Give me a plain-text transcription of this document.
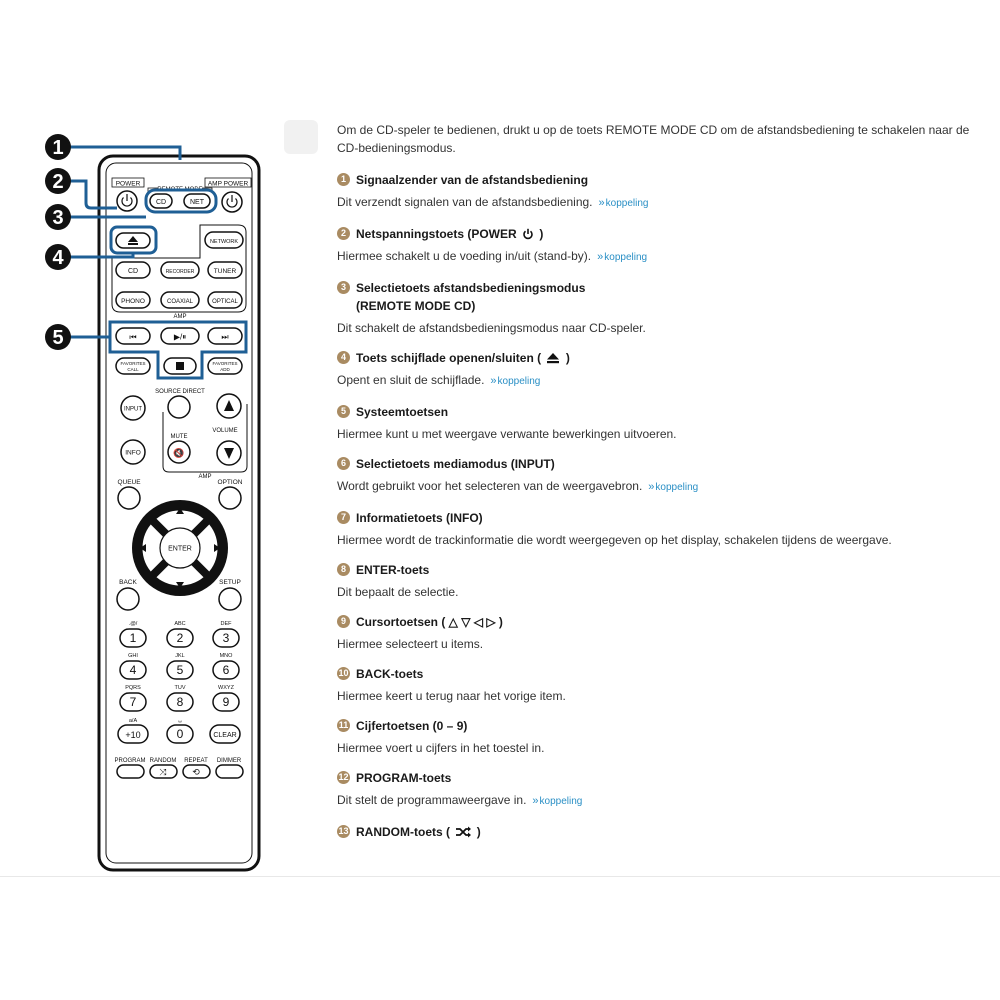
POWER
REMOTE MODE
AMP POWER
CD	NET
AMP
NETWORK
CD	RECORDER	TUNER
PHONO	COAXIAL	OPTICAL
⏮	▶/⏸	⏭
FAVORITES
CALL
FAVORITES
ADD
SOURCE DIRECT
INPUT
AMP
VOLUME
MUTE
🔇
INFO
QUEUE	OPTION
ENTER
BACK	SETUP
.@/
1
ABC
2
DEF
3
GHI
4
JKL
5
MNO
6
PQRS
7
TUV
8
WXYZ
9
␣
0
a/A
+10	CLEAR
PROGRAM RANDOM REPEAT DIMMER
⤨	⟲
1
2
3
4
5

Om de CD-speler te bedienen, drukt u op de toets REMOTE MODE CD om de afstandsbediening te schakelen naar de CD-bedieningsmodus.

1 Signaalzender van de afstandsbediening
Dit verzendt signalen van de afstandsbediening. »koppeling
2 Netspanningstoets (POWER )
Hiermee schakelt u de voeding in/uit (stand-by). »koppeling
3 Selectietoets afstandsbedieningsmodus
(REMOTE MODE CD)
Dit schakelt de afstandsbedieningsmodus naar CD-speler.
4 Toets schijflade openen/sluiten ( )
Opent en sluit de schijflade. »koppeling
5 Systeemtoetsen
Hiermee kunt u met weergave verwante bewerkingen uitvoeren.
6 Selectietoets mediamodus (INPUT)
Wordt gebruikt voor het selecteren van de weergavebron. »koppeling
7 Informatietoets (INFO)
Hiermee wordt de trackinformatie die wordt weergegeven op het display, schakelen tijdens de weergave.
8 ENTER-toets
Dit bepaalt de selectie.
9 Cursortoetsen ( △ ▽ ◁ ▷ )
Hiermee selecteert u items.
10 BACK-toets
Hiermee keert u terug naar het vorige item.
11 Cijfertoetsen (0 – 9)
Hiermee voert u cijfers in het toestel in.
12 PROGRAM-toets
Dit stelt de programmaweergave in. »koppeling
13 RANDOM-toets ( )
